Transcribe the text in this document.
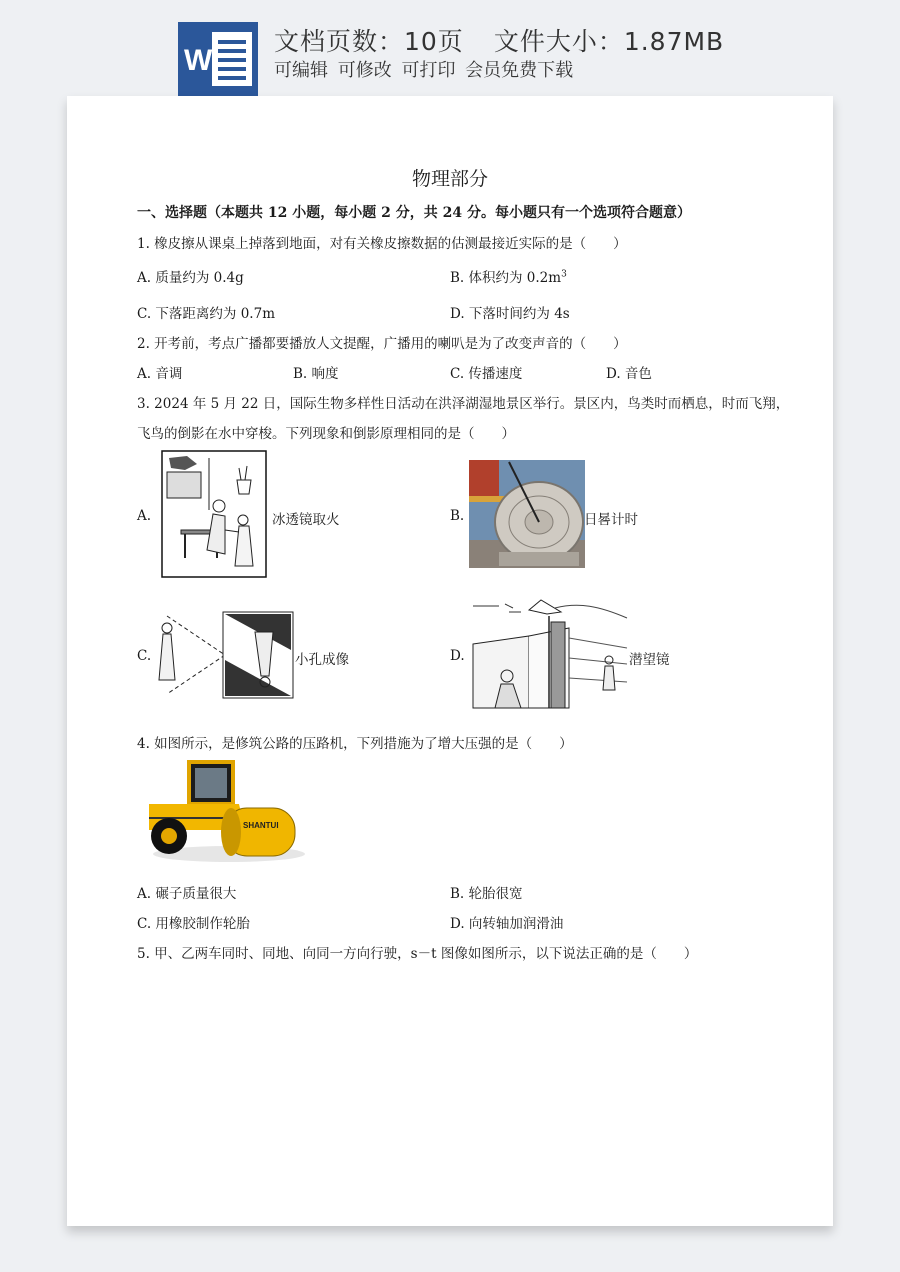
W
文档页数：10页 文件大小：1.87MB
可编辑 可修改 可打印 会员免费下载
物理部分
一、选择题（本题共 12 小题，每小题 2 分，共 24 分。每小题只有一个选项符合题意）
1. 橡皮擦从课桌上掉落到地面，对有关橡皮擦数据的估测最接近实际的是（　　）
A. 质量约为 0.4g	B. 体积约为 $0.2m^3$
C. 下落距离约为 0.7m	D. 下落时间约为 4s
2. 开考前，考点广播都要播放人文提醒，广播用的喇叭是为了改变声音的（　　）
A. 音调	B. 响度	C. 传播速度	D. 音色
3. 2024 年 5 月 22 日，国际生物多样性日活动在洪泽湖湿地景区举行。景区内，鸟类时而栖息，时而飞翔，
飞鸟的倒影在水中穿梭。下列现象和倒影原理相同的是（　　）
A.	冰透镜取火	B.	日晷计时
C.	小孔成像	D.	潜望镜
4. 如图所示，是修筑公路的压路机，下列措施为了增大压强的是（　　）
SHANTUI
A. 碾子质量很大	B. 轮胎很宽
C. 用橡胶制作轮胎	D. 向转轴加润滑油
5. 甲、乙两车同时、同地、向同一方向行驶，s－t 图像如图所示，以下说法正确的是（　　）
